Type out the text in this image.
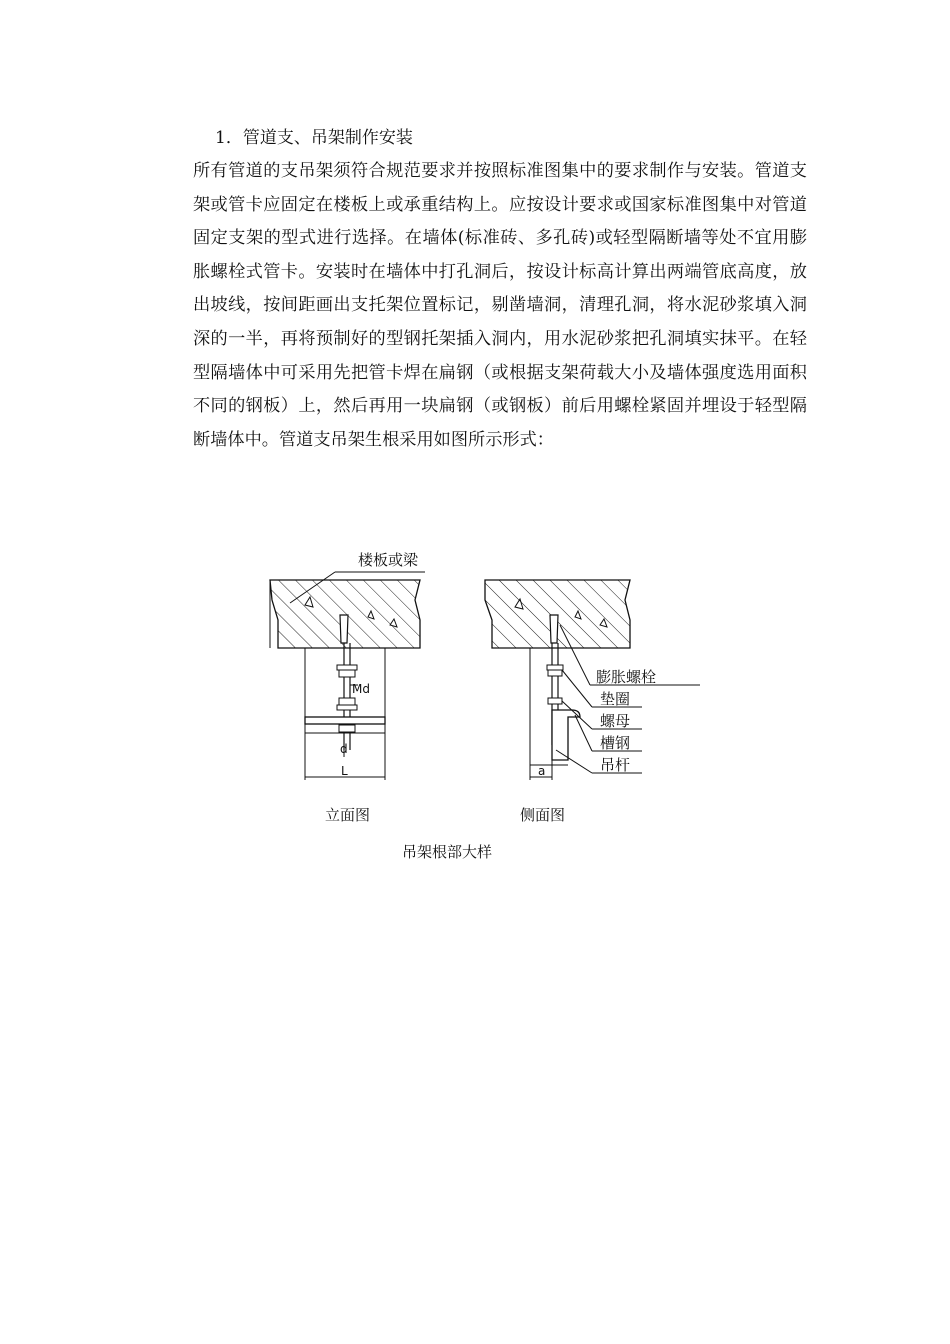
1．管道支、吊架制作安装

所有管道的支吊架须符合规范要求并按照标准图集中的要求制作与安装。管道支架或管卡应固定在楼板上或承重结构上。应按设计要求或国家标准图集中对管道固定支架的型式进行选择。在墙体(标准砖、多孔砖)或轻型隔断墙等处不宜用膨胀螺栓式管卡。安装时在墙体中打孔洞后，按设计标高计算出两端管底高度，放出坡线，按间距画出支托架位置标记，剔凿墙洞，清理孔洞，将水泥砂浆填入洞深的一半，再将预制好的型钢托架插入洞内，用水泥砂浆把孔洞填实抹平。在轻型隔墙体中可采用先把管卡焊在扁钢（或根据支架荷载大小及墙体强度选用面积不同的钢板）上，然后再用一块扁钢（或钢板）前后用螺栓紧固并埋设于轻型隔断墙体中。管道支吊架生根采用如图所示形式：

Md
d
L
楼板或梁
a
膨胀螺栓
垫圈
螺母
槽钢
吊杆
立面图	侧面图
吊架根部大样
